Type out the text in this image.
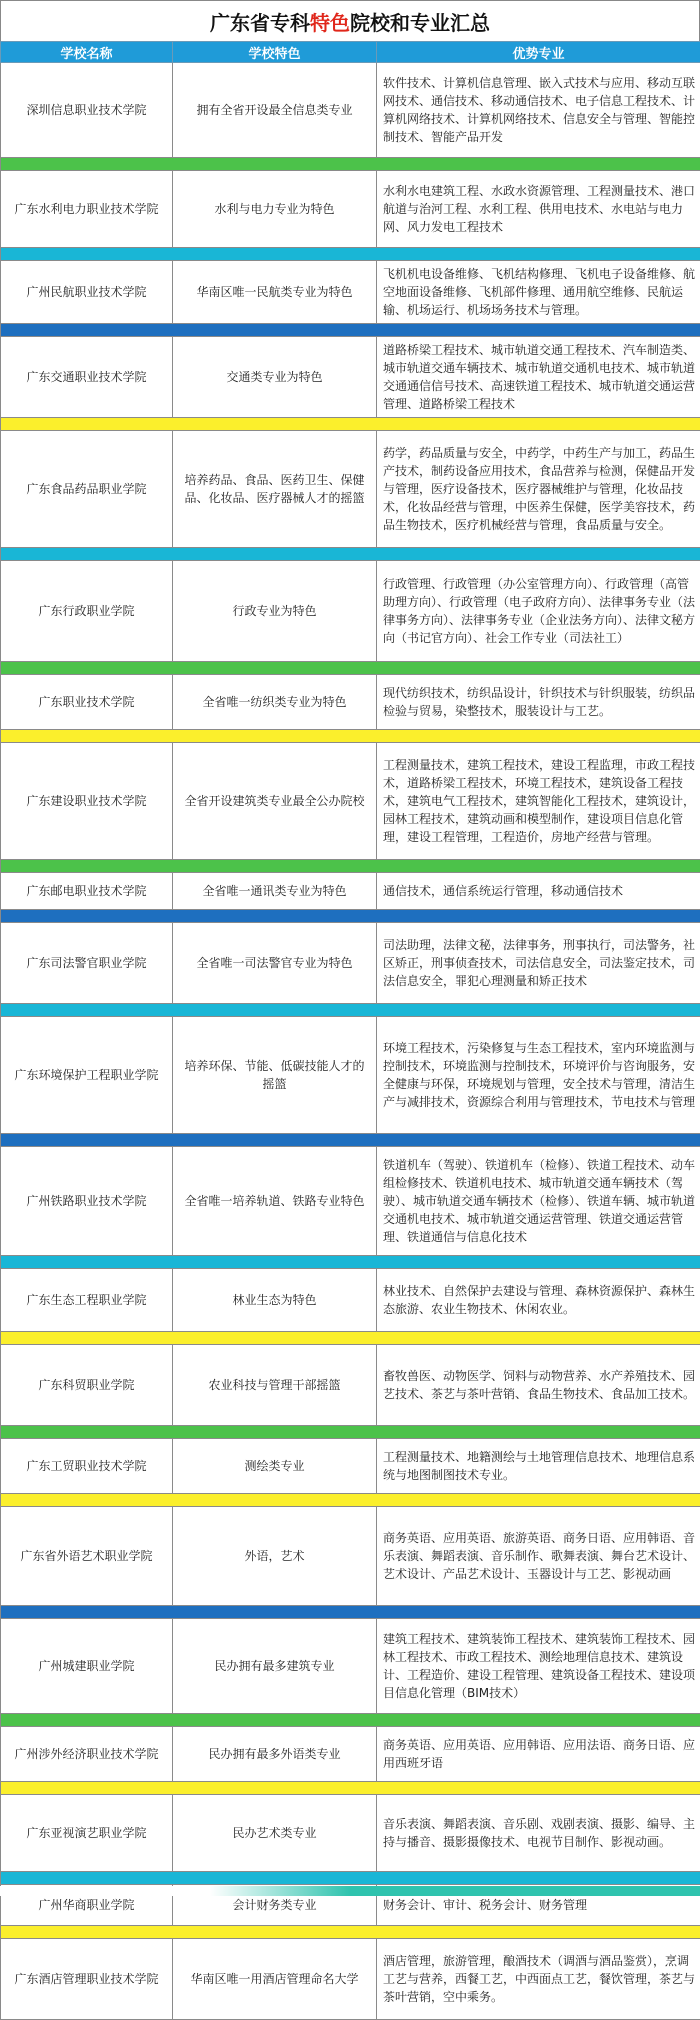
广东省专科特色院校和专业汇总
学校名称	学校特色	优势专业
深圳信息职业技术学院	拥有全省开设最全信息类专业	软件技术、计算机信息管理、嵌入式技术与应用、移动互联网技术、通信技术、移动通信技术、电子信息工程技术、计算机网络技术、计算机网络技术、信息安全与管理、智能控制技术、智能产品开发

广东水利电力职业技术学院	水利与电力专业为特色	水利水电建筑工程、水政水资源管理、工程测量技术、港口航道与治河工程、水利工程、供用电技术、水电站与电力网、风力发电工程技术

广州民航职业技术学院	华南区唯一民航类专业为特色	飞机机电设备维修、飞机结构修理、飞机电子设备维修、航空地面设备维修、飞机部件修理、通用航空维修、民航运输、机场运行、机场场务技术与管理。

广东交通职业技术学院	交通类专业为特色	道路桥梁工程技术、城市轨道交通工程技术、汽车制造类、城市轨道交通车辆技术、城市轨道交通机电技术、城市轨道交通通信信号技术、高速铁道工程技术、城市轨道交通运营管理、道路桥梁工程技术

广东食品药品职业学院	培养药品、食品、医药卫生、保健品、化妆品、医疗器械人才的摇篮	药学，药品质量与安全，中药学，中药生产与加工，药品生产技术，制药设备应用技术，食品营养与检测，保健品开发与管理，医疗设备技术，医疗器械维护与管理，化妆品技术，化妆品经营与管理，中医养生保健，医学美容技术，药品生物技术，医疗机械经营与管理，食品质量与安全。

广东行政职业学院	行政专业为特色	行政管理、行政管理（办公室管理方向）、行政管理（高管助理方向）、行政管理（电子政府方向）、法律事务专业（法律事务方向）、法律事务专业（企业法务方向）、法律文秘方向（书记官方向）、社会工作专业（司法社工）

广东职业技术学院	全省唯一纺织类专业为特色	现代纺织技术，纺织品设计，针织技术与针织服装，纺织品检验与贸易，染整技术，服装设计与工艺。

广东建设职业技术学院	全省开设建筑类专业最全公办院校	工程测量技术，建筑工程技术，建设工程监理，市政工程技术，道路桥梁工程技术，环境工程技术，建筑设备工程技术，建筑电气工程技术，建筑智能化工程技术，建筑设计，园林工程技术，建筑动画和模型制作，建设项目信息化管理，建设工程管理，工程造价，房地产经营与管理。

广东邮电职业技术学院	全省唯一通讯类专业为特色	通信技术，通信系统运行管理，移动通信技术

广东司法警官职业学院	全省唯一司法警官专业为特色	司法助理，法律文秘，法律事务，刑事执行，司法警务，社区矫正，刑事侦查技术，司法信息安全，司法鉴定技术，司法信息安全，罪犯心理测量和矫正技术

广东环境保护工程职业学院	培养环保、节能、低碳技能人才的摇篮	环境工程技术，污染修复与生态工程技术，室内环境监测与控制技术，环境监测与控制技术，环境评价与咨询服务，安全健康与环保，环境规划与管理，安全技术与管理，清洁生产与减排技术，资源综合利用与管理技术，节电技术与管理

广州铁路职业技术学院	全省唯一培养轨道、铁路专业特色	铁道机车（驾驶）、铁道机车（检修）、铁道工程技术、动车组检修技术、铁道机电技术、城市轨道交通车辆技术（驾驶）、城市轨道交通车辆技术（检修）、铁道车辆、城市轨道交通机电技术、城市轨道交通运营管理、铁道交通运营管理、铁道通信与信息化技术

广东生态工程职业学院	林业生态为特色	林业技术、自然保护去建设与管理、森林资源保护、森林生态旅游、农业生物技术、休闲农业。

广东科贸职业学院	农业科技与管理干部摇篮	畜牧兽医、动物医学、饲料与动物营养、水产养殖技术、园艺技术、茶艺与茶叶营销、食品生物技术、食品加工技术。

广东工贸职业技术学院	测绘类专业	工程测量技术、地籍测绘与土地管理信息技术、地理信息系统与地图制图技术专业。

广东省外语艺术职业学院	外语，艺术	商务英语、应用英语、旅游英语、商务日语、应用韩语、音乐表演、舞蹈表演、音乐制作、歌舞表演、舞台艺术设计、艺术设计、产品艺术设计、玉器设计与工艺、影视动画

广州城建职业学院	民办拥有最多建筑专业	建筑工程技术、建筑装饰工程技术、建筑装饰工程技术、园林工程技术、市政工程技术、测绘地理信息技术、建筑设计、工程造价、建设工程管理、建筑设备工程技术、建设项目信息化管理（BIM技术）

广州涉外经济职业技术学院	民办拥有最多外语类专业	商务英语、应用英语、应用韩语、应用法语、商务日语、应用西班牙语

广东亚视演艺职业学院	民办艺术类专业	音乐表演、舞蹈表演、音乐剧、戏剧表演、摄影、编导、主持与播音、摄影摄像技术、电视节目制作、影视动画。

广州华商职业学院	会计财务类专业	财务会计、审计、税务会计、财务管理

广东酒店管理职业技术学院	华南区唯一用酒店管理命名大学	酒店管理，旅游管理，酿酒技术（调酒与酒品鉴赏），烹调工艺与营养，西餐工艺，中西面点工艺，餐饮管理，茶艺与茶叶营销，空中乘务。
